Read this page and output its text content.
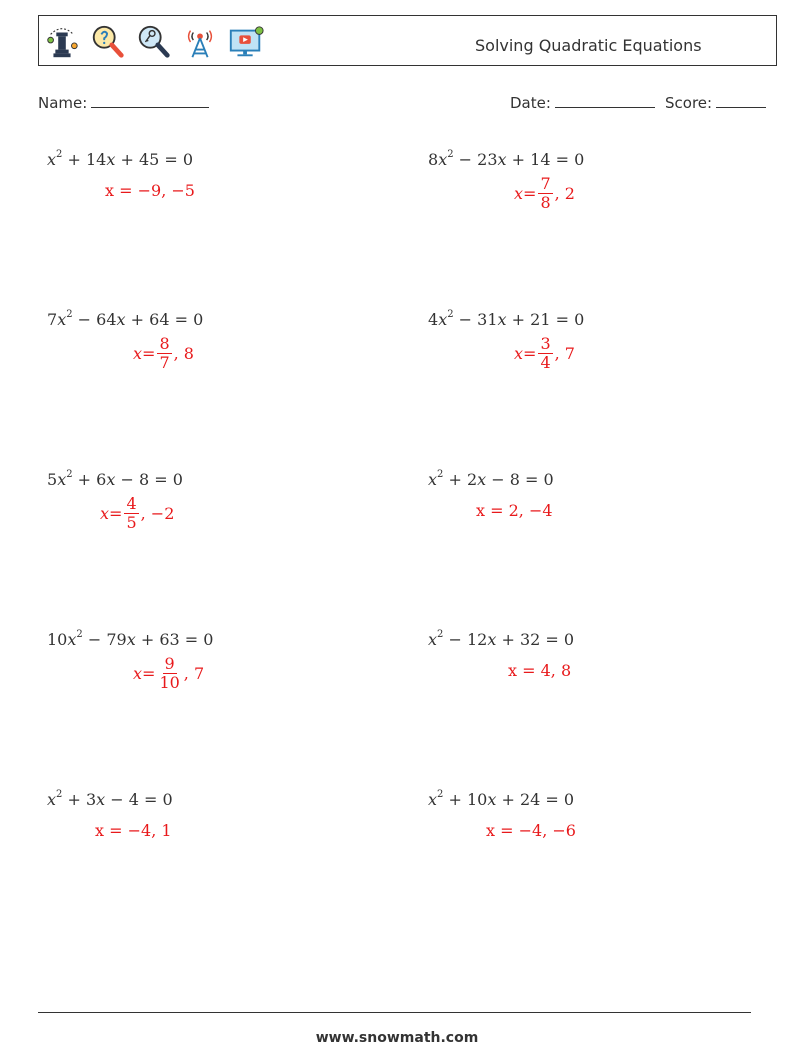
Solving Quadratic Equations
Name:	Date:	Score:
$x^2 + 14x + 45 = 0$
x = −9, −5
$8x^2 - 23x + 14 = 0$
$x = \frac{7}{8}$ , 2
$7x^2 - 64x + 64 = 0$
$x = \frac{8}{7}$ , 8
$4x^2 - 31x + 21 = 0$
$x = \frac{3}{4}$ , 7
$5x^2 + 6x - 8 = 0$
$x = \frac{4}{5}$ , −2
$x^2 + 2x - 8 = 0$
x = 2, −4
$10x^2 - 79x + 63 = 0$
$x = \frac{9}{10}$ , 7
$x^2 - 12x + 32 = 0$
x = 4, 8
$x^2 + 3x - 4 = 0$
x = −4, 1
$x^2 + 10x + 24 = 0$
x = −4, −6
www.snowmath.com
